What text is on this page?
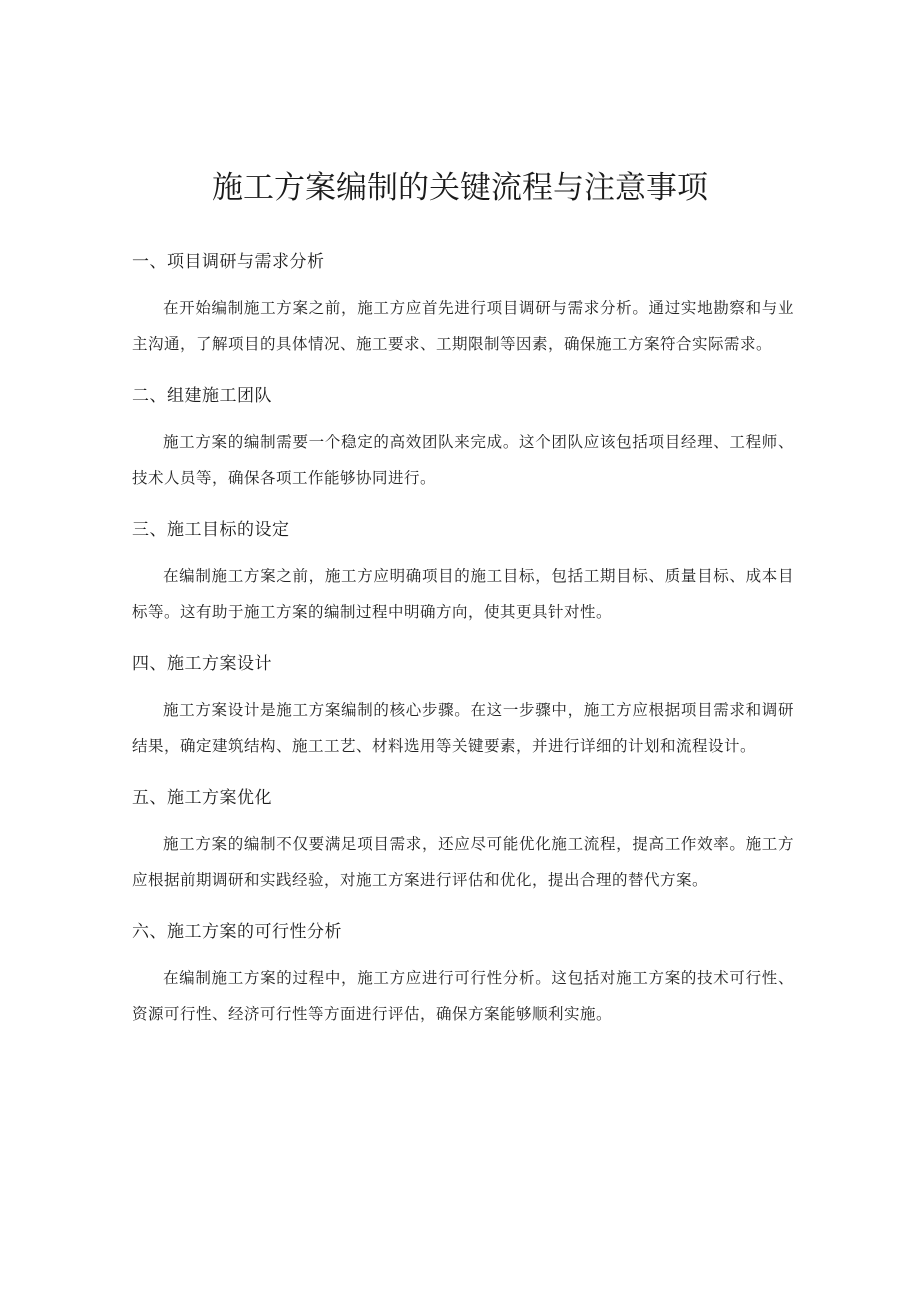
施工方案编制的关键流程与注意事项
一、项目调研与需求分析

在开始编制施工方案之前，施工方应首先进行项目调研与需求分析。通过实地勘察和与业主沟通，了解项目的具体情况、施工要求、工期限制等因素，确保施工方案符合实际需求。

二、组建施工团队

施工方案的编制需要一个稳定的高效团队来完成。这个团队应该包括项目经理、工程师、技术人员等，确保各项工作能够协同进行。

三、施工目标的设定

在编制施工方案之前，施工方应明确项目的施工目标，包括工期目标、质量目标、成本目标等。这有助于施工方案的编制过程中明确方向，使其更具针对性。

四、施工方案设计

施工方案设计是施工方案编制的核心步骤。在这一步骤中，施工方应根据项目需求和调研结果，确定建筑结构、施工工艺、材料选用等关键要素，并进行详细的计划和流程设计。

五、施工方案优化

施工方案的编制不仅要满足项目需求，还应尽可能优化施工流程，提高工作效率。施工方应根据前期调研和实践经验，对施工方案进行评估和优化，提出合理的替代方案。

六、施工方案的可行性分析

在编制施工方案的过程中，施工方应进行可行性分析。这包括对施工方案的技术可行性、资源可行性、经济可行性等方面进行评估，确保方案能够顺利实施。
